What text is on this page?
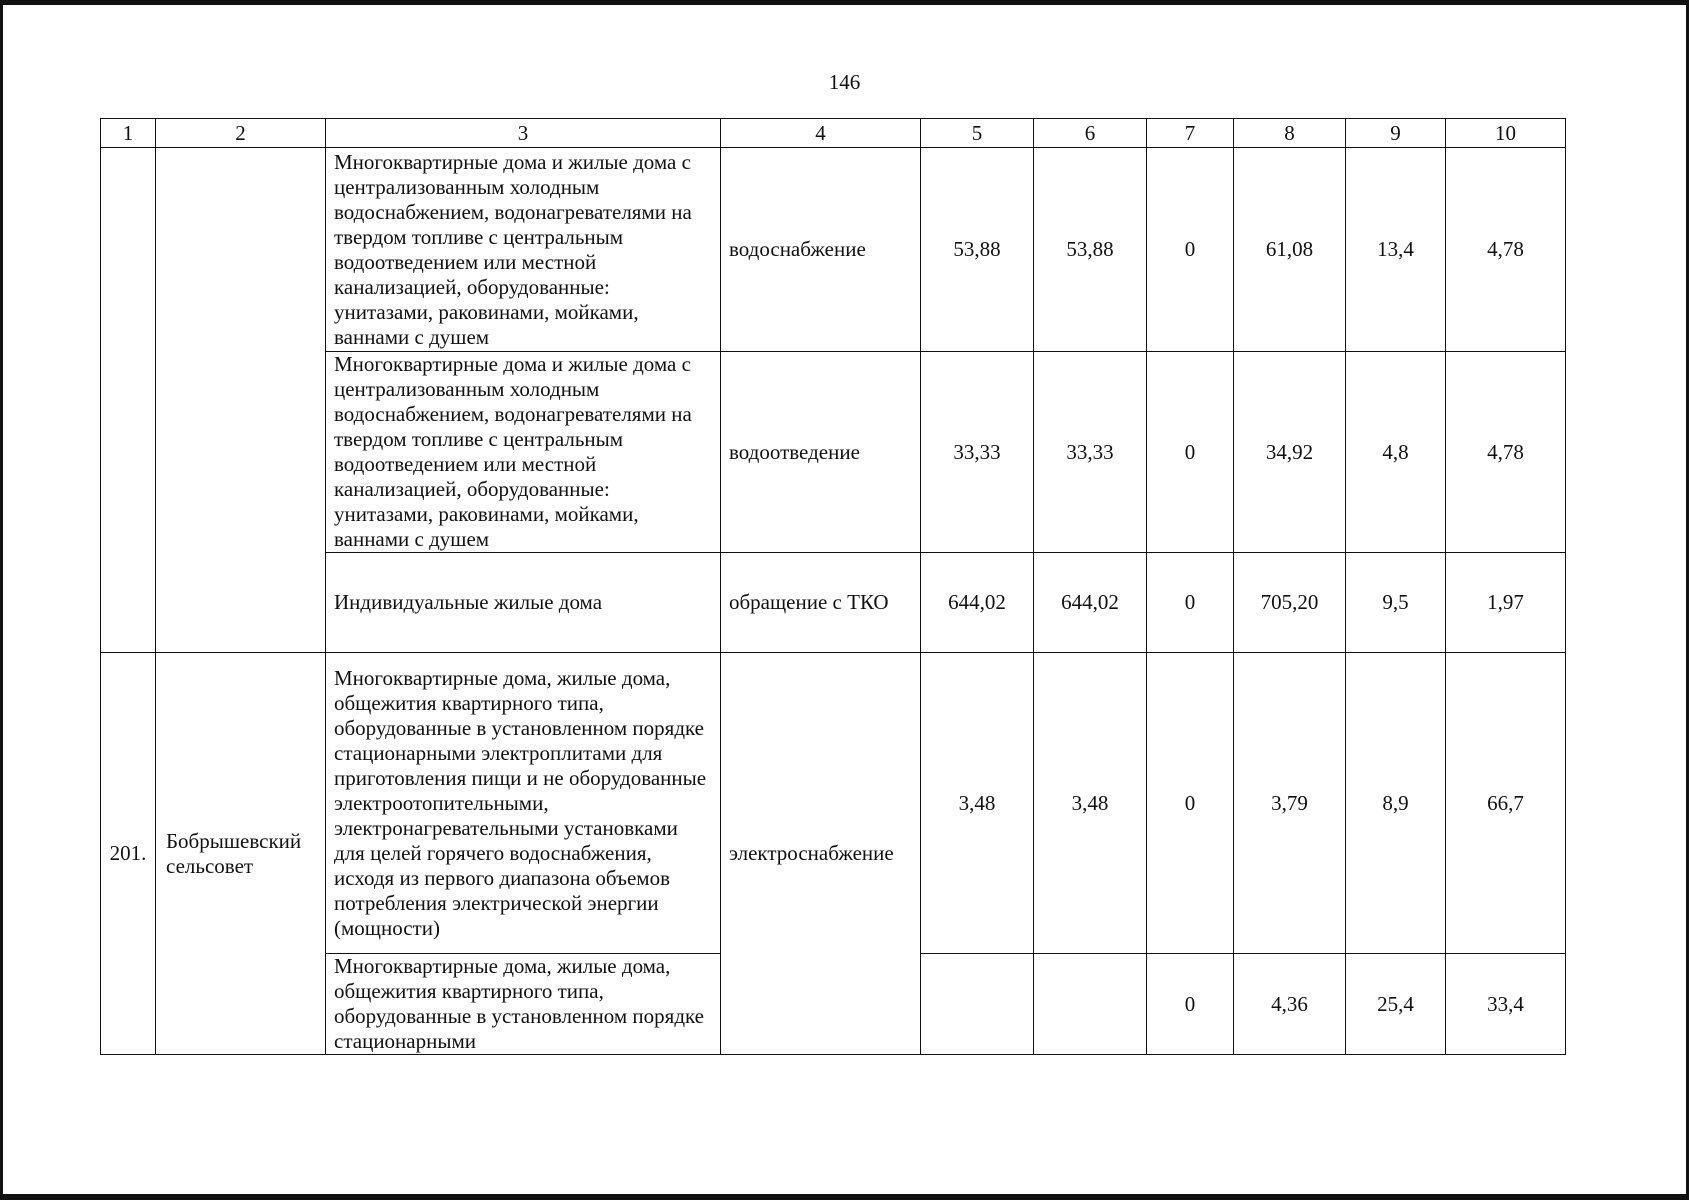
146
1	2	3	4	5	6	7	8	9	10
		Многоквартирные дома и жилые дома с централизованным холодным водоснабжением, водонагревателями на твердом топливе с центральным водоотведением или местной канализацией, оборудованные: унитазами, раковинами, мойками, ваннами с душем	водоснабжение	53,88	53,88	0	61,08	13,4	4,78
		Многоквартирные дома и жилые дома с централизованным холодным водоснабжением, водонагревателями на твердом топливе с центральным водоотведением или местной канализацией, оборудованные: унитазами, раковинами, мойками, ваннами с душем	водоотведение	33,33	33,33	0	34,92	4,8	4,78
		Индивидуальные жилые дома	обращение с ТКО	644,02	644,02	0	705,20	9,5	1,97
201.	Бобрышевский сельсовет	Многоквартирные дома, жилые дома, общежития квартирного типа, оборудованные в установленном порядке стационарными электроплитами для приготовления пищи и не оборудованные электроотопительными, электронагревательными установками для целей горячего водоснабжения, исходя из первого диапазона объемов потребления электрической энергии (мощности)	электроснабжение	3,48	3,48	0	3,79	8,9	66,7
		Многоквартирные дома, жилые дома, общежития квартирного типа, оборудованные в установленном порядке стационарными				0	4,36	25,4	33,4
